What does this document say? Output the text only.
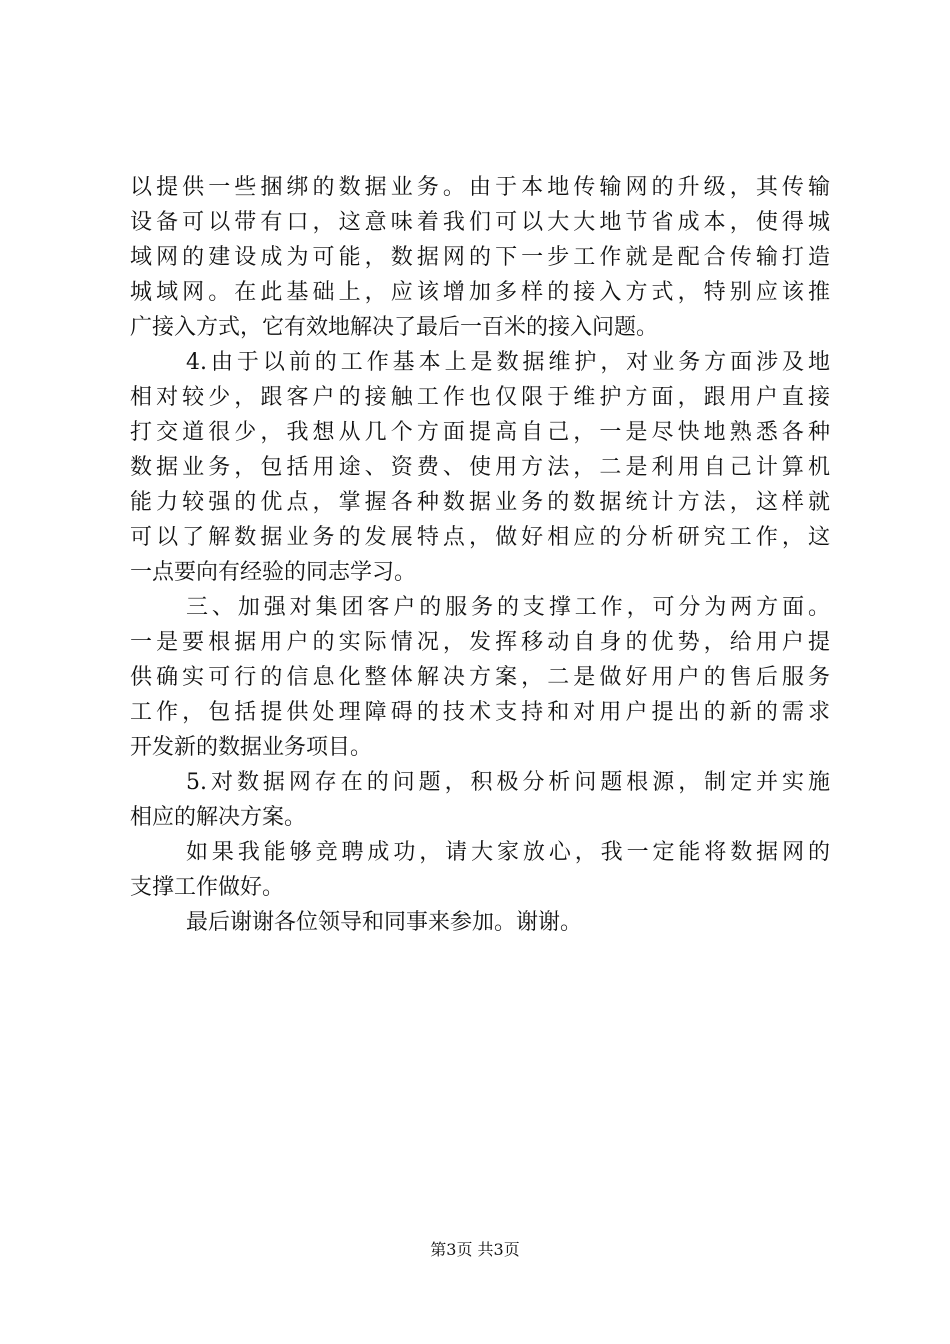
以提供一些捆绑的数据业务。由于本地传输网的升级，其传输
设备可以带有口，这意味着我们可以大大地节省成本，使得城
域网的建设成为可能，数据网的下一步工作就是配合传输打造
城域网。在此基础上，应该增加多样的接入方式，特别应该推
广接入方式，它有效地解决了最后一百米的接入问题。
4.由于以前的工作基本上是数据维护，对业务方面涉及地
相对较少，跟客户的接触工作也仅限于维护方面，跟用户直接
打交道很少，我想从几个方面提高自己，一是尽快地熟悉各种
数据业务，包括用途、资费、使用方法，二是利用自己计算机
能力较强的优点，掌握各种数据业务的数据统计方法，这样就
可以了解数据业务的发展特点，做好相应的分析研究工作，这
一点要向有经验的同志学习。
三、加强对集团客户的服务的支撑工作，可分为两方面。
一是要根据用户的实际情况，发挥移动自身的优势，给用户提
供确实可行的信息化整体解决方案，二是做好用户的售后服务
工作，包括提供处理障碍的技术支持和对用户提出的新的需求
开发新的数据业务项目。
5.对数据网存在的问题，积极分析问题根源，制定并实施
相应的解决方案。
如果我能够竞聘成功，请大家放心，我一定能将数据网的
支撑工作做好。
最后谢谢各位领导和同事来参加。谢谢。
第3页 共3页
